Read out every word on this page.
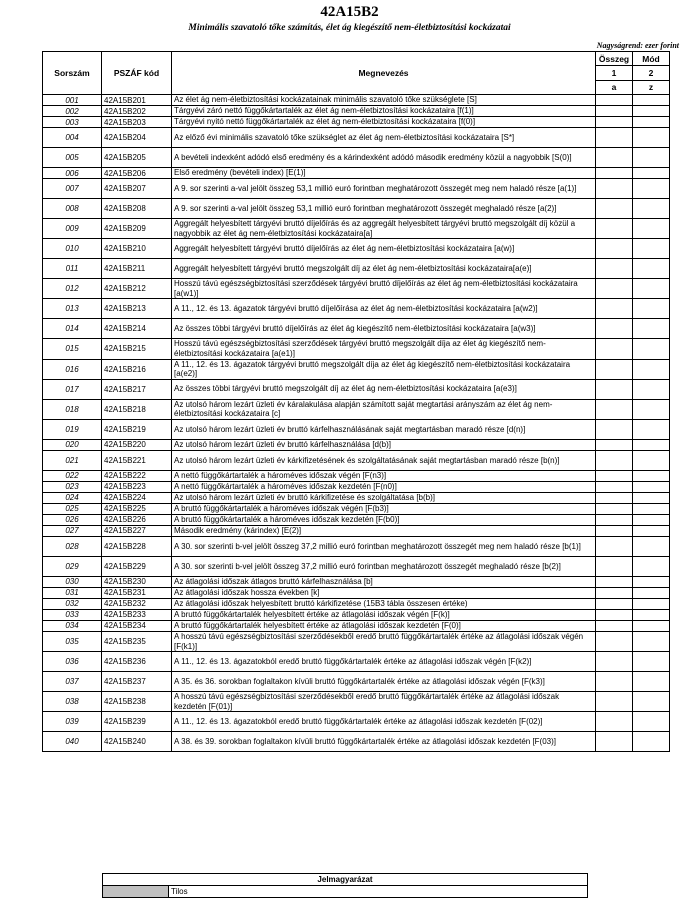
42A15B2
Minimális szavatoló tőke számítás, élet ág kiegészítő nem-életbiztosítási kockázatai
Nagyságrend: ezer forint
Sorszám	PSZÁF kód	Megnevezés	Összeg	Mód
			1	2
			a	z
001	42A15B201	Az élet ág nem-életbiztosítási kockázatainak minimális szavatoló tőke szükséglete [S]		
002	42A15B202	Tárgyévi záró nettó függőkártartalék az élet ág nem-életbiztosítási kockázataira [f(1)]		
003	42A15B203	Tárgyévi nyitó nettó függőkártartalék az élet ág nem-életbiztosítási kockázataira [f(0)]		
004	42A15B204	Az előző évi minimális szavatoló tőke szükséglet az élet ág nem-életbiztosítási kockázataira [S*]		
005	42A15B205	A bevételi indexként adódó első eredmény és a kárindexként adódó második eredmény közül a nagyobbik [S(0)]		
006	42A15B206	Első eredmény (bevételi index) [E(1)]		
007	42A15B207	A 9. sor szerinti a-val jelölt összeg 53,1 millió euró forintban meghatározott összegét meg nem haladó része [a(1)]		
008	42A15B208	A 9. sor szerinti a-val jelölt összeg 53,1 millió euró forintban meghatározott összegét meghaladó része [a(2)]		
009	42A15B209	Aggregált helyesbített tárgyévi bruttó díjelőírás és az aggregált helyesbített tárgyévi bruttó megszolgált díj közül a nagyobbik az élet ág nem-életbiztosítási kockázataira[a]		
010	42A15B210	Aggregált helyesbített tárgyévi bruttó díjelőírás az élet ág nem-életbiztosítási kockázataira [a(w)]		
011	42A15B211	Aggregált helyesbített tárgyévi bruttó megszolgált díj az élet ág nem-életbiztosítási kockázataira[a(e)]		
012	42A15B212	Hosszú távú egészségbiztosítási szerződések tárgyévi bruttó díjelőírás az élet ág nem-életbiztosítási kockázataira [a(w1)]		
013	42A15B213	A 11., 12. és 13. ágazatok tárgyévi bruttó díjelőírása az élet ág nem-életbiztosítási kockázataira [a(w2)]		
014	42A15B214	Az összes többi tárgyévi bruttó díjelőírás az élet ág kiegészítő nem-életbiztosítási kockázataira [a(w3)]		
015	42A15B215	Hosszú távú egészségbiztosítási szerződések tárgyévi bruttó megszolgált díja az élet ág kiegészítő nem-életbiztosítási kockázataira [a(e1)]		
016	42A15B216	A 11., 12. és 13. ágazatok tárgyévi bruttó megszolgált díja az élet ág kiegészítő nem-életbiztosítási kockázataira [a(e2)]		
017	42A15B217	Az összes többi tárgyévi bruttó megszolgált díj az élet ág nem-életbiztosítási kockázataira [a(e3)]		
018	42A15B218	Az utolsó három lezárt üzleti év káralakulása alapján számított saját megtartási arányszám az élet ág nem-életbiztosítási kockázataira [c]		
019	42A15B219	Az utolsó három lezárt üzleti év bruttó kárfelhasználásának saját megtartásban maradó része [d(n)]		
020	42A15B220	Az utolsó három lezárt üzleti év bruttó kárfelhasználása [d(b)]		
021	42A15B221	Az utolsó három lezárt üzleti év kárkifizetésének és szolgáltatásának saját megtartásban maradó része [b(n)]		
022	42A15B222	A nettó függőkártartalék a hároméves időszak végén [F(n3)]		
023	42A15B223	A nettó függőkártartalék a hároméves időszak kezdetén [F(n0)]		
024	42A15B224	Az utolsó három lezárt üzleti év bruttó kárkifizetése és szolgáltatása [b(b)]		
025	42A15B225	A bruttó függőkártartalék a hároméves időszak végén [F(b3)]		
026	42A15B226	A bruttó függőkártartalék a hároméves időszak kezdetén [F(b0)]		
027	42A15B227	Második eredmény (kárindex) [E(2)]		
028	42A15B228	A 30. sor szerinti b-vel jelölt összeg 37,2 millió euró forintban meghatározott összegét meg nem haladó része [b(1)]		
029	42A15B229	A 30. sor szerinti b-vel jelölt összeg 37,2 millió euró forintban meghatározott összegét meghaladó része [b(2)]		
030	42A15B230	Az átlagolási időszak átlagos bruttó kárfelhasználása [b]		
031	42A15B231	Az átlagolási időszak hossza években [k]		
032	42A15B232	Az átlagolási időszak helyesbített bruttó kárkifizetése (15B3 tábla összesen értéke)		
033	42A15B233	A bruttó függőkártartalék helyesbített értéke az átlagolási időszak végén [F(k)]		
034	42A15B234	A bruttó függőkártartalék helyesbített értéke az átlagolási időszak kezdetén [F(0)]		
035	42A15B235	A hosszú távú egészségbiztosítási szerződésekből eredő bruttó függőkártartalék értéke az átlagolási időszak végén [F(k1)]		
036	42A15B236	A 11., 12. és 13. ágazatokból eredő bruttó függőkártartalék értéke az átlagolási időszak végén [F(k2)]		
037	42A15B237	A 35. és 36. sorokban foglaltakon kívüli bruttó függőkártartalék értéke az átlagolási időszak végén [F(k3)]		
038	42A15B238	A hosszú távú egészségbiztosítási szerződésekből eredő bruttó függőkártartalék értéke az átlagolási időszak kezdetén [F(01)]		
039	42A15B239	A 11., 12. és 13. ágazatokból eredő bruttó függőkártartalék értéke az átlagolási időszak kezdetén [F(02)]		
040	42A15B240	A 38. és 39. sorokban foglaltakon kívüli bruttó függőkártartalék értéke az átlagolási időszak kezdetén [F(03)]		
Jelmagyarázat
	Tilos
